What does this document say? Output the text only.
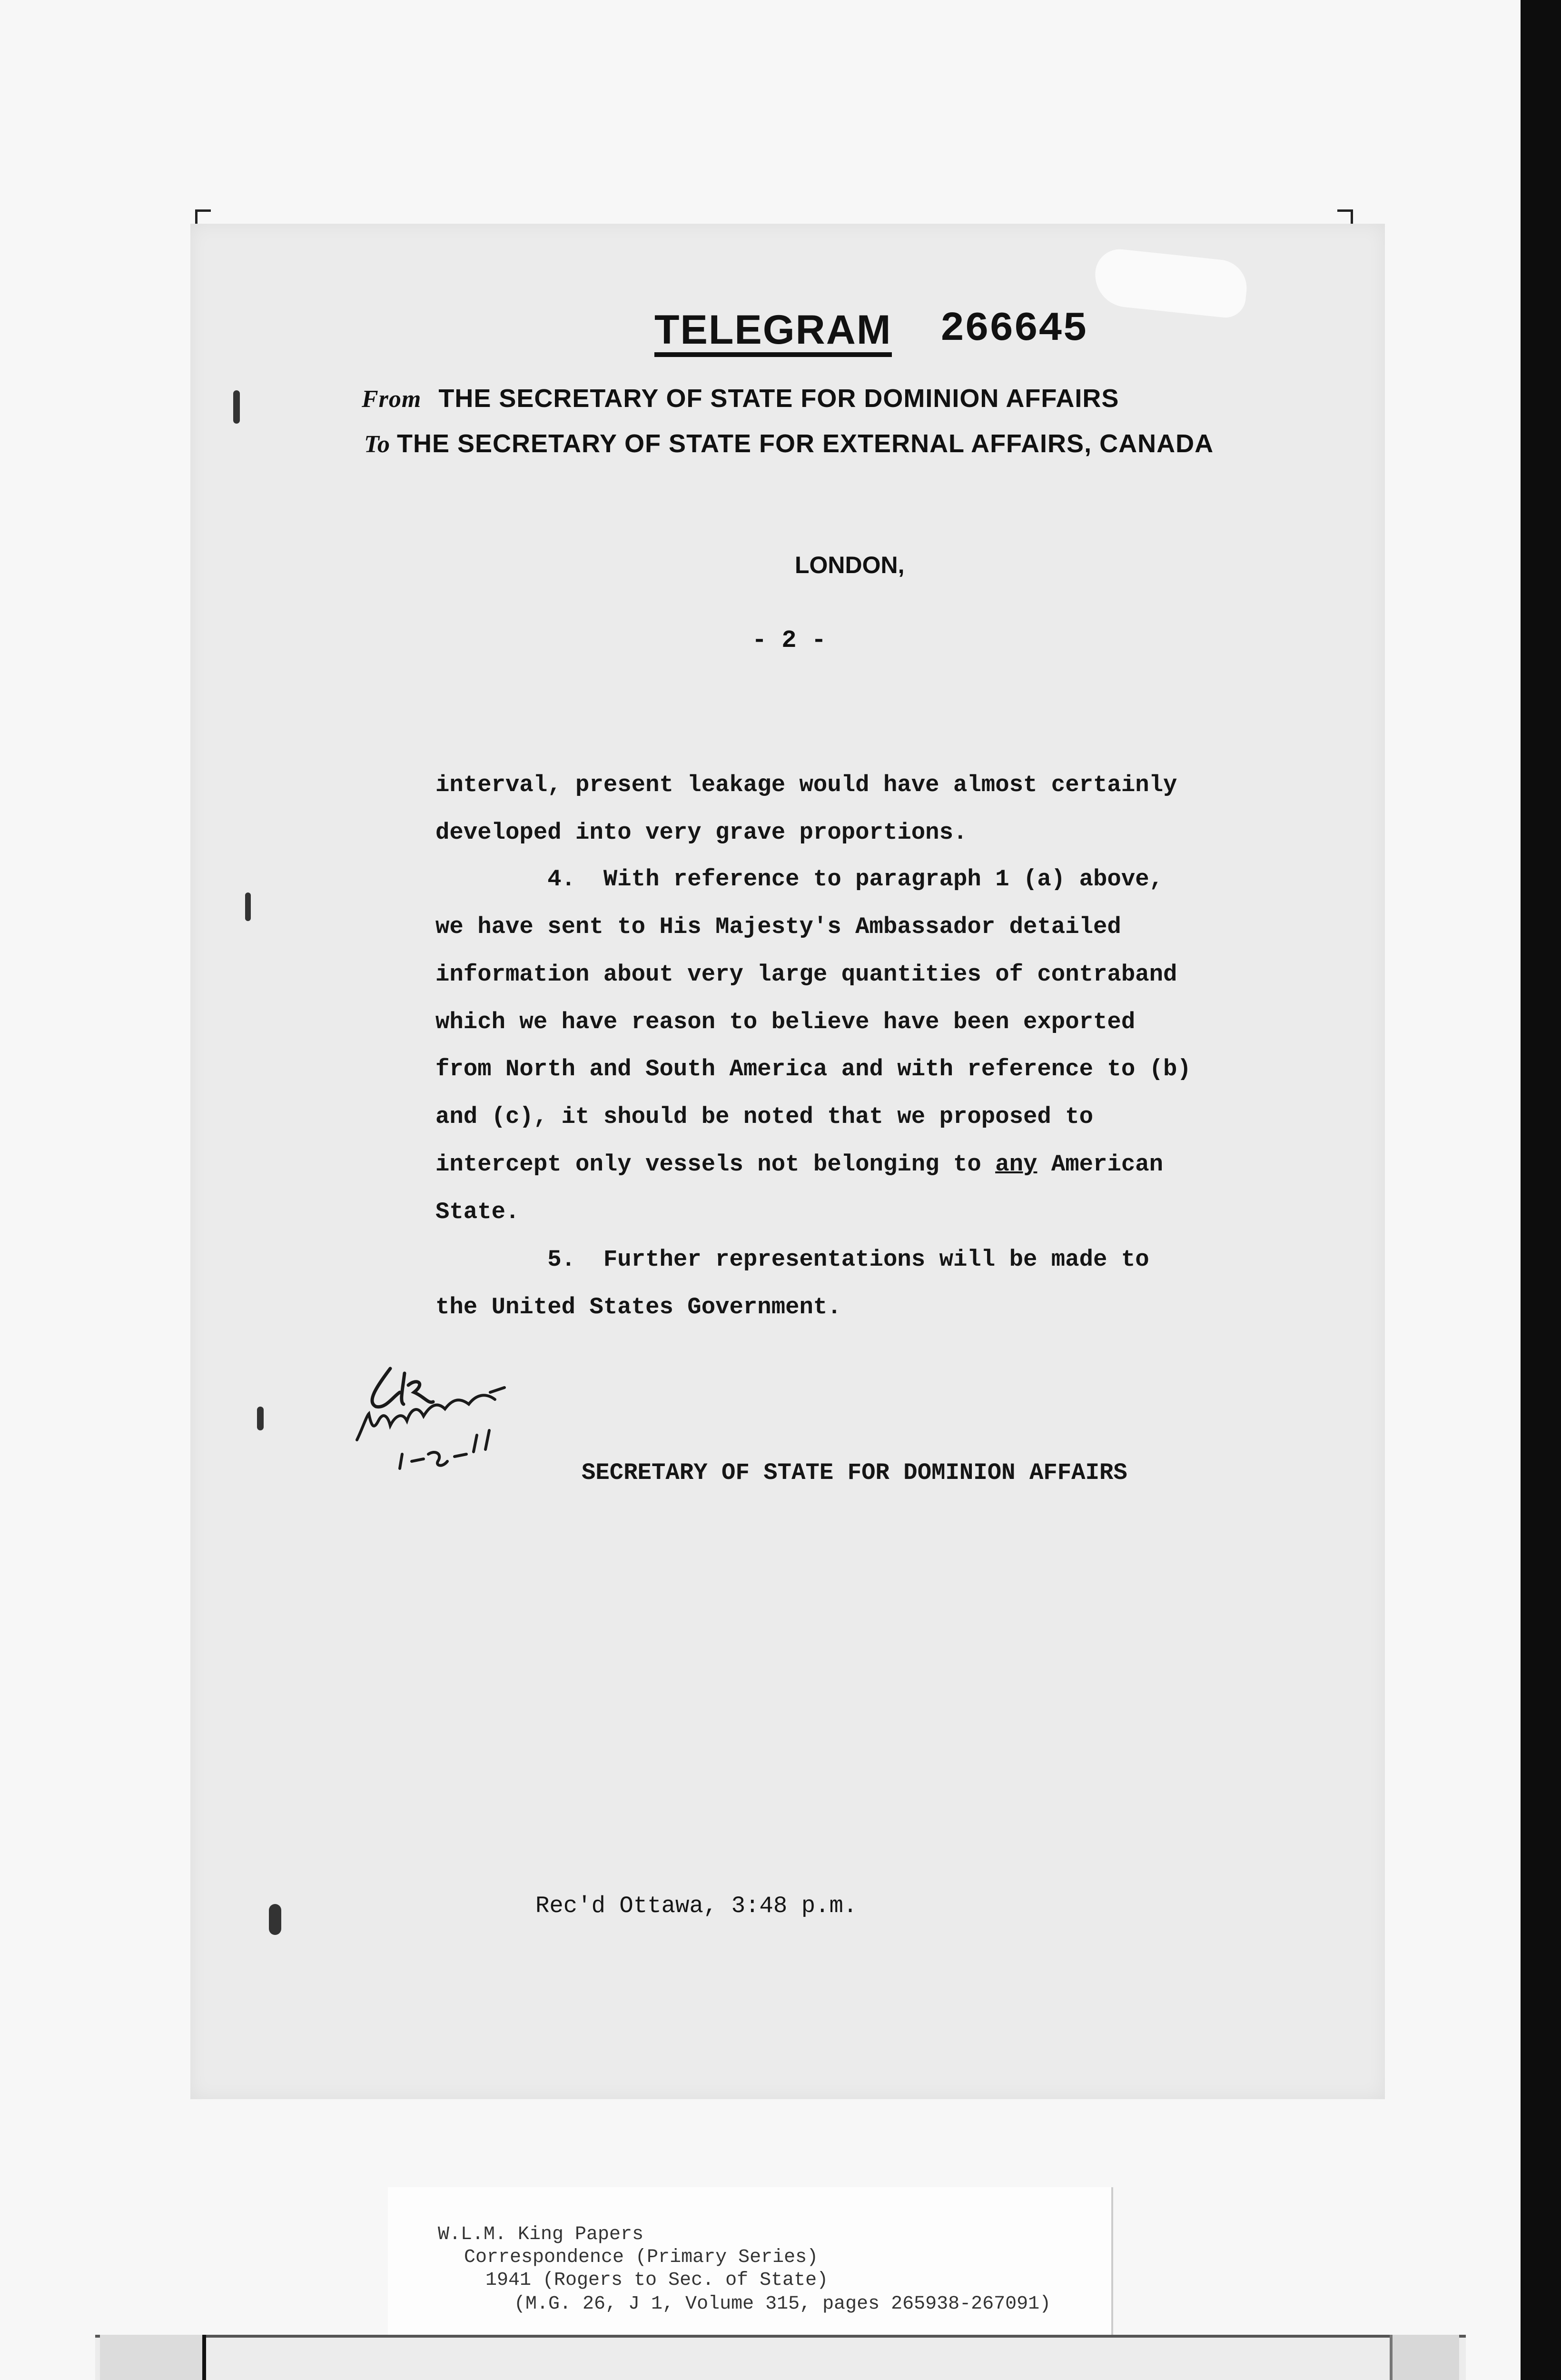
TELEGRAM 266645
From THE SECRETARY OF STATE FOR DOMINION AFFAIRS
To THE SECRETARY OF STATE FOR EXTERNAL AFFAIRS, CANADA
LONDON,
- 2 -
interval, present leakage would have almost certainly
developed into very grave proportions.
4.  With reference to paragraph 1 (a) above,
we have sent to His Majesty's Ambassador detailed
information about very large quantities of contraband
which we have reason to believe have been exported
from North and South America and with reference to (b)
and (c), it should be noted that we proposed to
intercept only vessels not belonging to any American
State.
5.  Further representations will be made to
the United States Government.
SECRETARY OF STATE FOR DOMINION AFFAIRS
Rec'd Ottawa, 3:48 p.m.
W.L.M. King Papers
Correspondence (Primary Series)
1941 (Rogers to Sec. of State)
(M.G. 26, J 1, Volume 315, pages 265938-267091)
